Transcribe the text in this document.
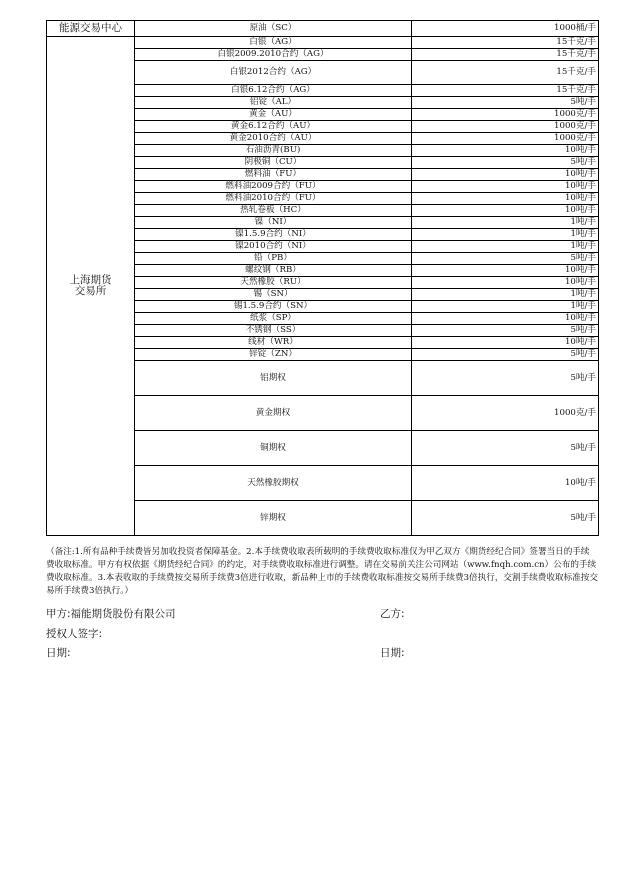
能源交易中心	原油（SC）	1000桶/手	

上海期货
交易所	白银（AG）	15千克/手	

	白银2009.2010合约（AG）	15千克/手	

	白银2012合约（AG）	15千克/手	

	白银6.12合约（AG）	15千克/手	

	铝锭（AL）	5吨/手	

	黄金（AU）	1000克/手	

	黄金6.12合约（AU）	1000克/手	

	黄金2010合约（AU）	1000克/手	

	石油沥青(BU)	10吨/手	

	阴极铜（CU）	5吨/手	

	燃料油（FU）	10吨/手	

	燃料油2009合约（FU）	10吨/手	

	燃料油2010合约（FU）	10吨/手	

	热轧卷板（HC）	10吨/手	

	镍（NI）	1吨/手	

	镍1.5.9合约（NI）	1吨/手	

	镍2010合约（NI）	1吨/手	

	铅（PB）	5吨/手	

	螺纹钢（RB）	10吨/手	

	天然橡胶（RU）	10吨/手	

	锡（SN）	1吨/手	

	锡1.5.9合约（SN）	1吨/手	

	纸浆（SP）	10吨/手	

	不锈钢（SS）	5吨/手	

	线材（WR）	10吨/手	

	锌锭（ZN）	5吨/手	

	铝期权	5吨/手	

	黄金期权	1000克/手	

	铜期权	5吨/手	

	天然橡胶期权	10吨/手	

	锌期权	5吨/手	
（备注:1.所有品种手续费皆另加收投资者保障基金。2.本手续费收取表所载明的手续费收取标准仅为甲乙双方《期货经纪合同》签署当日的手续费收取标准。甲方有权依据《期货经纪合同》的约定，对手续费收取标准进行调整。请在交易前关注公司网站（www.fnqh.com.cn）公布的手续费收取标准。3.本表收取的手续费按交易所手续费3倍进行收取，新品种上市的手续费收取标准按交易所手续费3倍执行，交割手续费收取标准按交易所手续费3倍执行。）
甲方:福能期货股份有限公司	乙方:
授权人签字:
日期:	日期:
